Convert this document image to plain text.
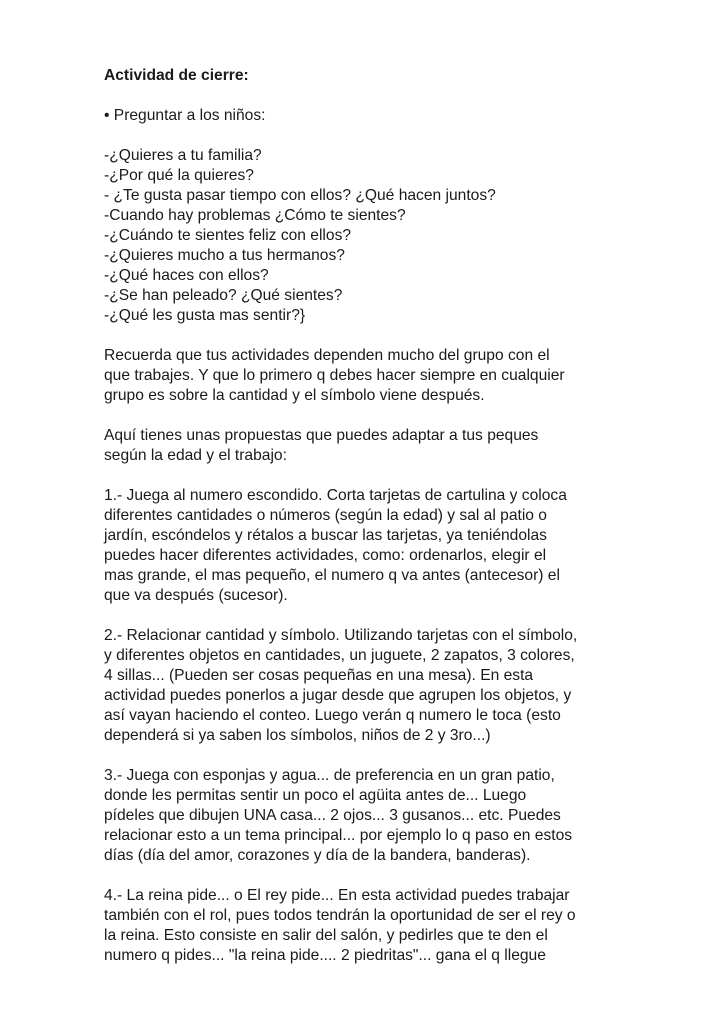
Actividad de cierre:

• Preguntar a los niños:

-¿Quieres a tu familia?

-¿Por qué la quieres?

- ¿Te gusta pasar tiempo con ellos? ¿Qué hacen juntos?

-Cuando hay problemas ¿Cómo te sientes?

-¿Cuándo te sientes feliz con ellos?

-¿Quieres mucho a tus hermanos?

-¿Qué haces con ellos?

-¿Se han peleado? ¿Qué sientes?

-¿Qué les gusta mas sentir?}

Recuerda que tus actividades dependen mucho del grupo con el
que trabajes. Y que lo primero q debes hacer siempre en cualquier
grupo es sobre la cantidad y el símbolo viene después.
Aquí tienes unas propuestas que puedes adaptar a tus peques
según la edad y el trabajo:
1.- Juega al numero escondido. Corta tarjetas de cartulina y coloca
diferentes cantidades o números (según la edad) y sal al patio o
jardín, escóndelos y rétalos a buscar las tarjetas, ya teniéndolas
puedes hacer diferentes actividades, como: ordenarlos, elegir el
mas grande, el mas pequeño, el numero q va antes (antecesor) el
que va después (sucesor).
2.- Relacionar cantidad y símbolo. Utilizando tarjetas con el símbolo,
y diferentes objetos en cantidades, un juguete, 2 zapatos, 3 colores,
4 sillas... (Pueden ser cosas pequeñas en una mesa). En esta
actividad puedes ponerlos a jugar desde que agrupen los objetos, y
así vayan haciendo el conteo. Luego verán q numero le toca (esto
dependerá si ya saben los símbolos, niños de 2 y 3ro...)
3.- Juega con esponjas y agua... de preferencia en un gran patio,
donde les permitas sentir un poco el agüita antes de... Luego
pídeles que dibujen UNA casa... 2 ojos... 3 gusanos... etc. Puedes
relacionar esto a un tema principal... por ejemplo lo q paso en estos
días (día del amor, corazones y día de la bandera, banderas).
4.- La reina pide... o El rey pide... En esta actividad puedes trabajar
también con el rol, pues todos tendrán la oportunidad de ser el rey o
la reina. Esto consiste en salir del salón, y pedirles que te den el
numero q pides... "la reina pide.... 2 piedritas"... gana el q llegue
